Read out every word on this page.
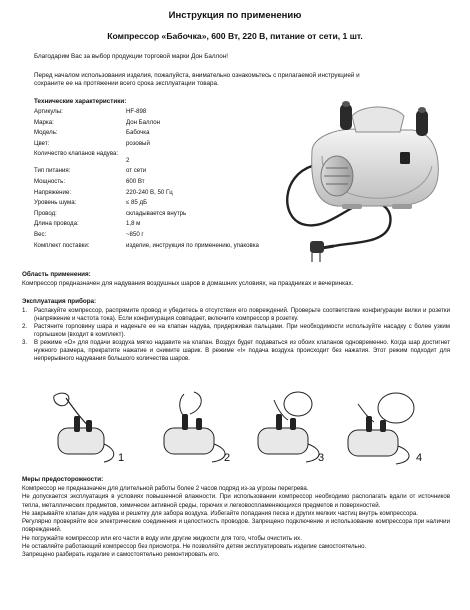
Инструкция по применению
Компрессор «Бабочка», 600 Вт, 220 В, питание от сети, 1 шт.
Благодарим Вас за выбор продукции торговой марки Дон Баллон!
Перед началом использования изделия, пожалуйста, внимательно ознакомьтесь с прилагаемой инструкцией и
сохраните ее на протяжении всего срока эксплуатации товара.
Технические характеристики:
Артикулы:	HF-898
Марка:	Дон Баллон
Модель:	Бабочка
Цвет:	розовый
Количество клапанов надува:
2
Тип питания:	от сети
Мощность:	600 Вт
Напряжение:	220-240 В, 50 Гц
Уровень шума:	≤ 85 дБ
Провод:	складывается внутрь
Длина провода:	1,8 м
Вес:	~850 г
Комплект поставки:	изделие, инструкция по применению, упаковка
Область применения:
Компрессор предназначен для надувания воздушных шаров в домашних условиях, на праздниках и вечеринках.
Эксплуатация прибора:
1.	Распакуйте компрессор, распрямите провод и убедитесь в отсутствии его повреждений. Проверьте соответствие конфигурации вилки и розетки (напряжение и частота тока). Если конфигурация совпадает, включите компрессор в розетку.
2.	Растяните горловину шара и наденьте ее на клапан надува, придерживая пальцами. При необходимости используйте насадку с более узким горлышком (входит в комплект).
3.	В режиме «О» для подачи воздуха мягко надавите на клапан. Воздух будет подаваться из обоих клапанов одновременно. Когда шар достигнет нужного размера, прекратите нажатие и снимите шарик. В режиме «I» подача воздуха происходит без нажатия. Этот режим подходит для непрерывного надувания большого количества шаров.
1	2	3	4
Меры предосторожности:
Компрессор не предназначен для длительной работы более 2 часов подряд из-за угрозы перегрева.
Не допускается эксплуатация в условиях повышенной влажности. При использовании компрессор необходимо располагать вдали от источников тепла, металлических предметов, химически активной среды, горючих и легковоспламеняющихся предметов и поверхностей.
Не закрывайте клапан для надува и решетку для забора воздуха. Избегайте попадания песка и других мелких частиц внутрь компрессора.
Регулярно проверяйте все электрические соединения и целостность проводов. Запрещено подключение и использование компрессора при наличии повреждений.
Не погружайте компрессор или его части в воду или другие жидкости для того, чтобы очистить их.
Не оставляйте работающий компрессор без присмотра. Не позволяйте детям эксплуатировать изделие самостоятельно.
Запрещено разбирать изделие и самостоятельно ремонтировать его.
